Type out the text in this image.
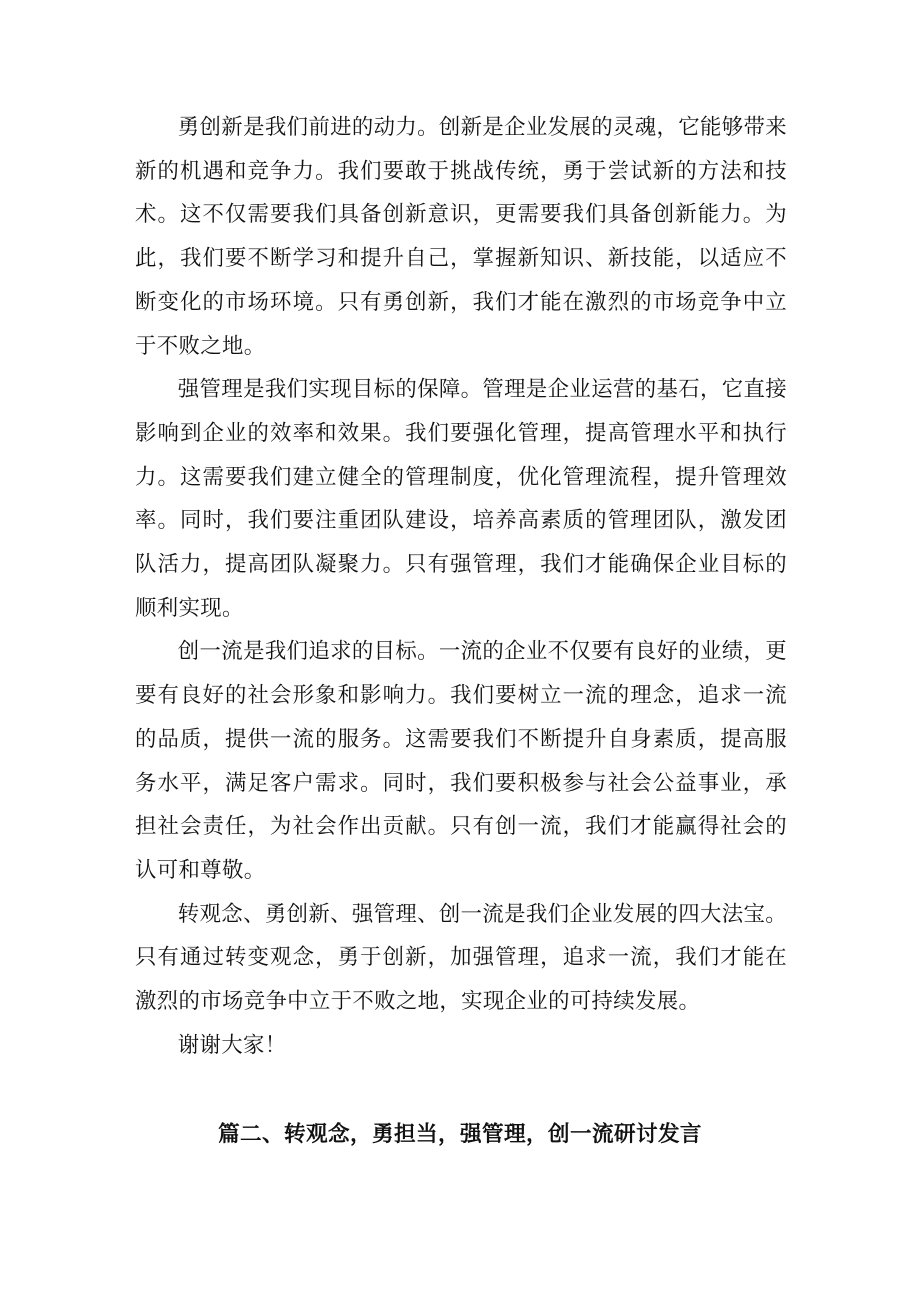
勇创新是我们前进的动力。创新是企业发展的灵魂，它能够带来新的机遇和竞争力。我们要敢于挑战传统，勇于尝试新的方法和技术。这不仅需要我们具备创新意识，更需要我们具备创新能力。为此，我们要不断学习和提升自己，掌握新知识、新技能，以适应不断变化的市场环境。只有勇创新，我们才能在激烈的市场竞争中立于不败之地。

强管理是我们实现目标的保障。管理是企业运营的基石，它直接影响到企业的效率和效果。我们要强化管理，提高管理水平和执行力。这需要我们建立健全的管理制度，优化管理流程，提升管理效率。同时，我们要注重团队建设，培养高素质的管理团队，激发团队活力，提高团队凝聚力。只有强管理，我们才能确保企业目标的顺利实现。

创一流是我们追求的目标。一流的企业不仅要有良好的业绩，更要有良好的社会形象和影响力。我们要树立一流的理念，追求一流的品质，提供一流的服务。这需要我们不断提升自身素质，提高服务水平，满足客户需求。同时，我们要积极参与社会公益事业，承担社会责任，为社会作出贡献。只有创一流，我们才能赢得社会的认可和尊敬。

转观念、勇创新、强管理、创一流是我们企业发展的四大法宝。只有通过转变观念，勇于创新，加强管理，追求一流，我们才能在激烈的市场竞争中立于不败之地，实现企业的可持续发展。

谢谢大家！

篇二、转观念，勇担当，强管理，创一流研讨发言
